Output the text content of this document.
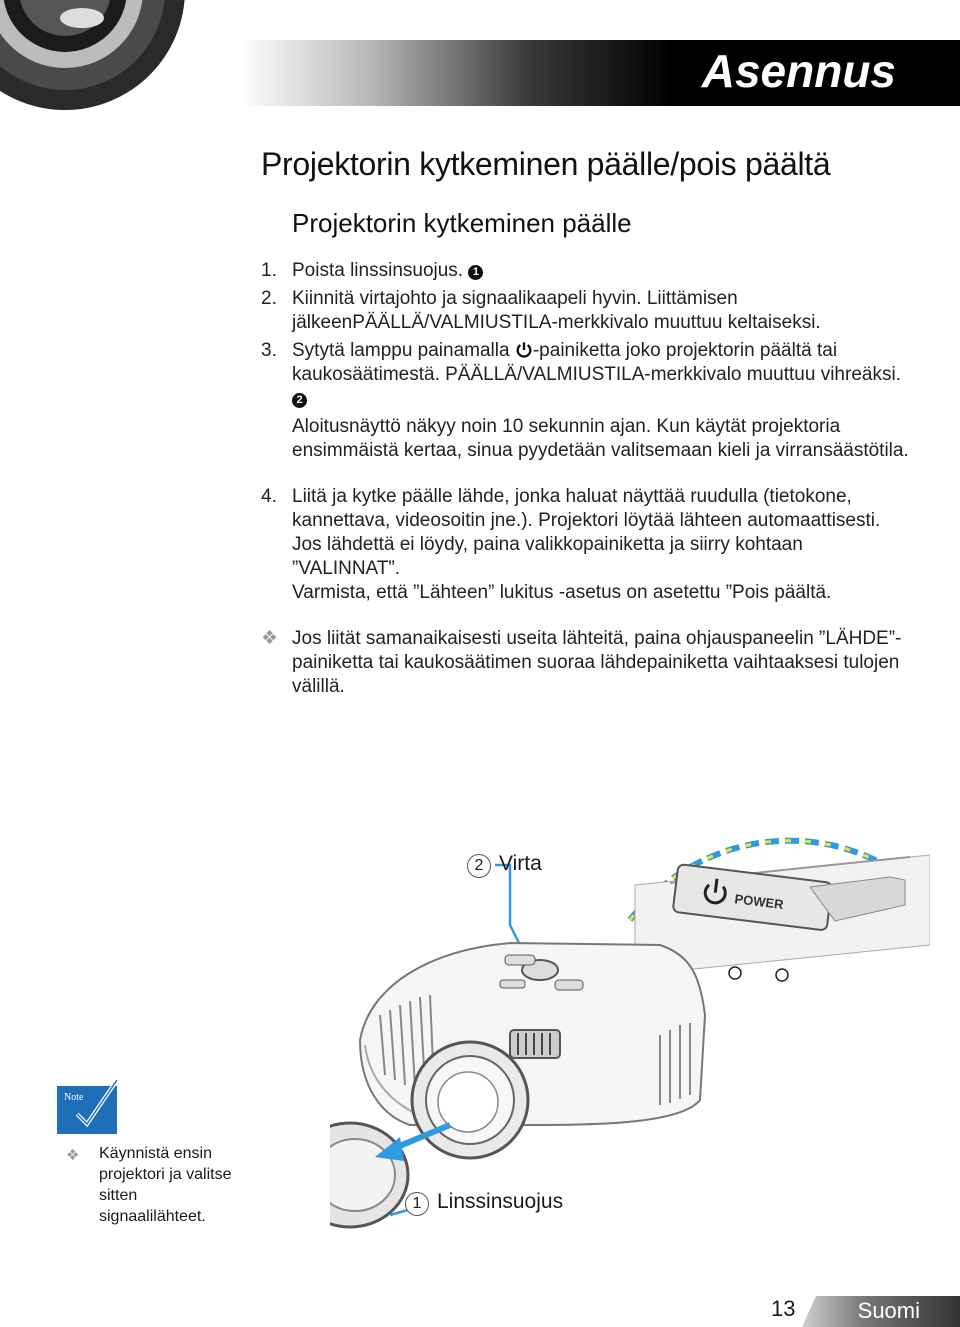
Asennus
Projektorin kytkeminen päälle/pois päältä
Projektorin kytkeminen päälle
1. Poista linssinsuojus. 1
2. Kiinnitä virtajohto ja signaalikaapeli hyvin. Liittämisen jälkeenPÄÄLLÄ/VALMIUSTILA-merkkivalo muuttuu keltaiseksi.
3. Sytytä lamppu painamalla -painiketta joko projektorin päältä tai kaukosäätimestä. PÄÄLLÄ/VALMIUSTILA-merkkivalo muuttuu vihreäksi. 2
Aloitusnäyttö näkyy noin 10 sekunnin ajan. Kun käytät projektoria ensimmäistä kertaa, sinua pyydetään valitsemaan kieli ja virransäästötila.
4. Liitä ja kytke päälle lähde, jonka haluat näyttää ruudulla (tietokone, kannettava, videosoitin jne.). Projektori löytää lähteen automaattisesti. Jos lähdettä ei löydy, paina valikkopainiketta ja siirry kohtaan ”VALINNAT”.
Varmista, että ”Lähteen” lukitus -asetus on asetettu ”Pois päältä.
❖ Jos liität samanaikaisesti useita lähteitä, paina ohjauspaneelin ”LÄHDE”-painiketta tai kaukosäätimen suoraa lähdepainiketta vaihtaaksesi tulojen välillä.
POWER
2 Virta
1 Linssinsuojus
Note
❖ Käynnistä ensin projektori ja valitse sitten signaalilähteet.
13	Suomi
